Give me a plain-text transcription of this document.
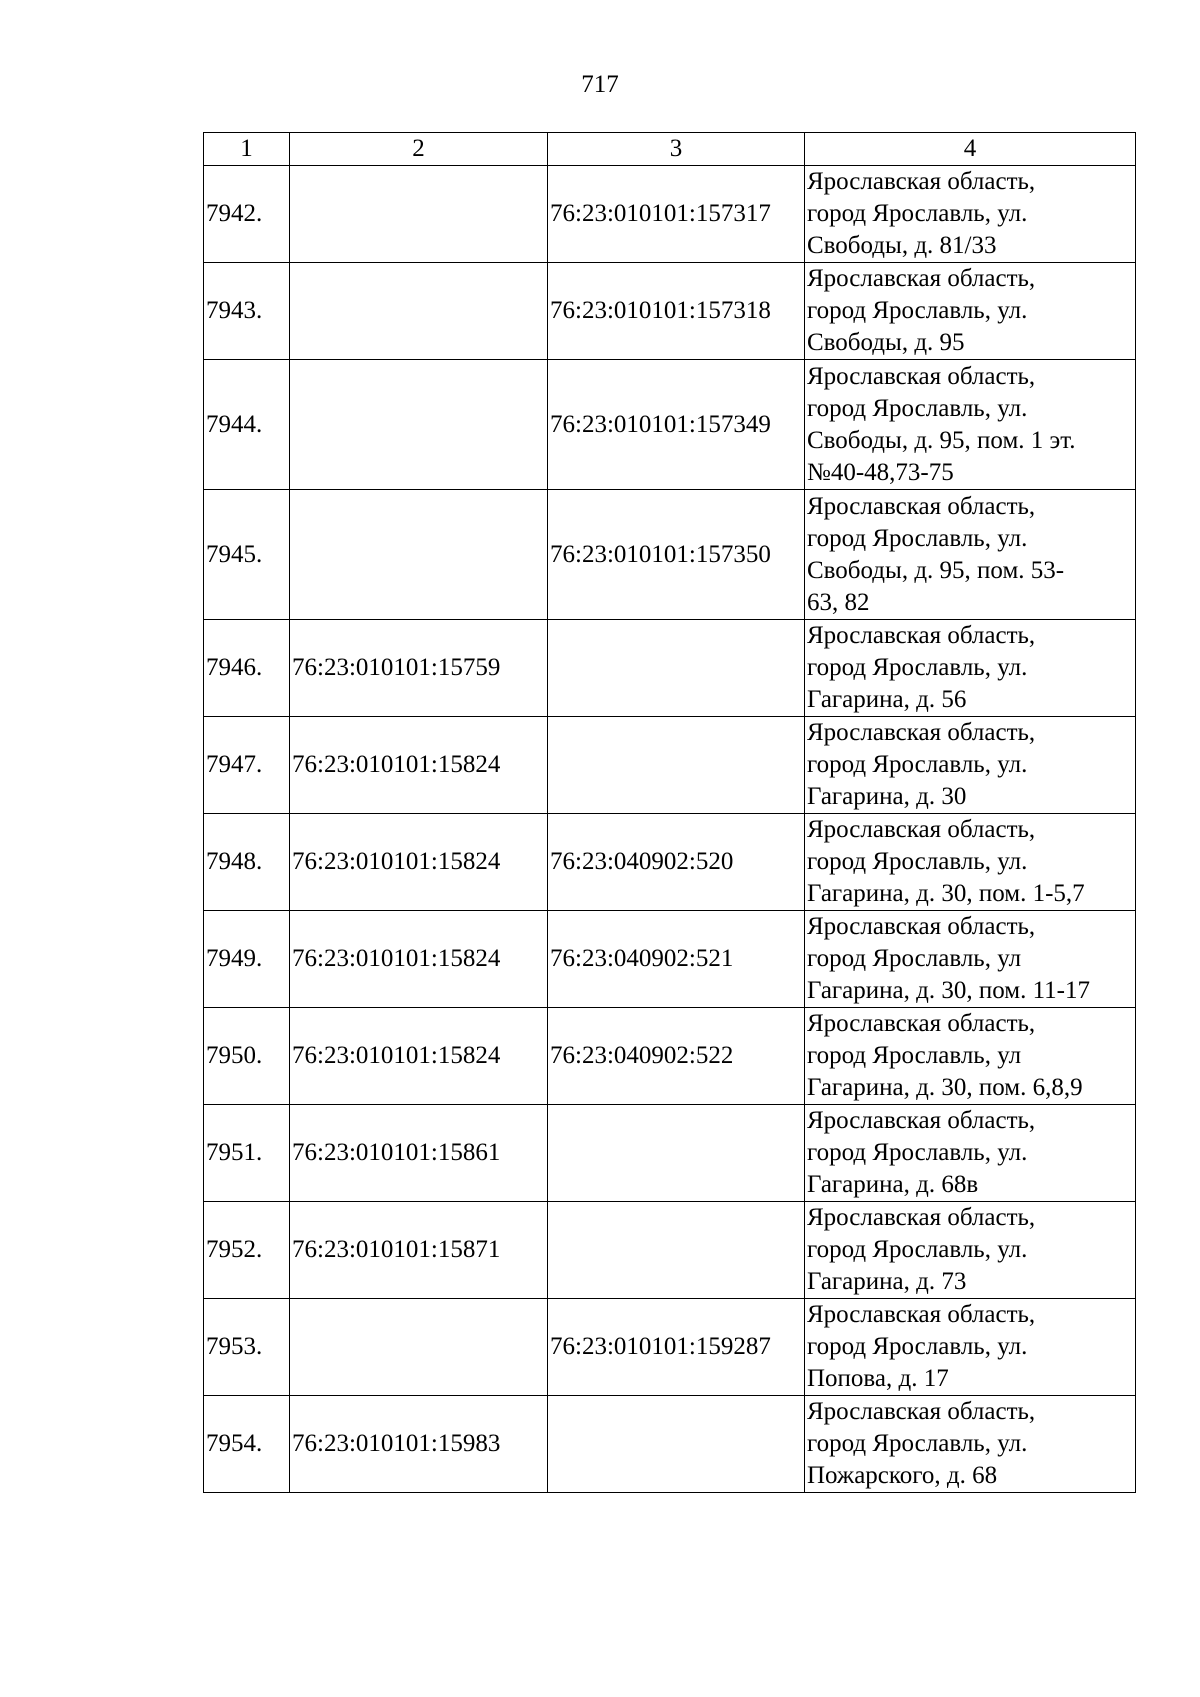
717
1	2	3	4
7942.		76:23:010101:157317	Ярославская область,
город Ярославль, ул.
Свободы, д. 81/33
7943.		76:23:010101:157318	Ярославская область,
город Ярославль, ул.
Свободы, д. 95
7944.		76:23:010101:157349	Ярославская область,
город Ярославль, ул.
Свободы, д. 95, пом. 1 эт.
№40-48,73-75
7945.		76:23:010101:157350	Ярославская область,
город Ярославль, ул.
Свободы, д. 95, пом. 53-
63, 82
7946.	76:23:010101:15759		Ярославская область,
город Ярославль, ул.
Гагарина, д. 56
7947.	76:23:010101:15824		Ярославская область,
город Ярославль, ул.
Гагарина, д. 30
7948.	76:23:010101:15824	76:23:040902:520	Ярославская область,
город Ярославль, ул.
Гагарина, д. 30, пом. 1-5,7
7949.	76:23:010101:15824	76:23:040902:521	Ярославская область,
город Ярославль, ул
Гагарина, д. 30, пом. 11-17
7950.	76:23:010101:15824	76:23:040902:522	Ярославская область,
город Ярославль, ул
Гагарина, д. 30, пом. 6,8,9
7951.	76:23:010101:15861		Ярославская область,
город Ярославль, ул.
Гагарина, д. 68в
7952.	76:23:010101:15871		Ярославская область,
город Ярославль, ул.
Гагарина, д. 73
7953.		76:23:010101:159287	Ярославская область,
город Ярославль, ул.
Попова, д. 17
7954.	76:23:010101:15983		Ярославская область,
город Ярославль, ул.
Пожарского, д. 68
